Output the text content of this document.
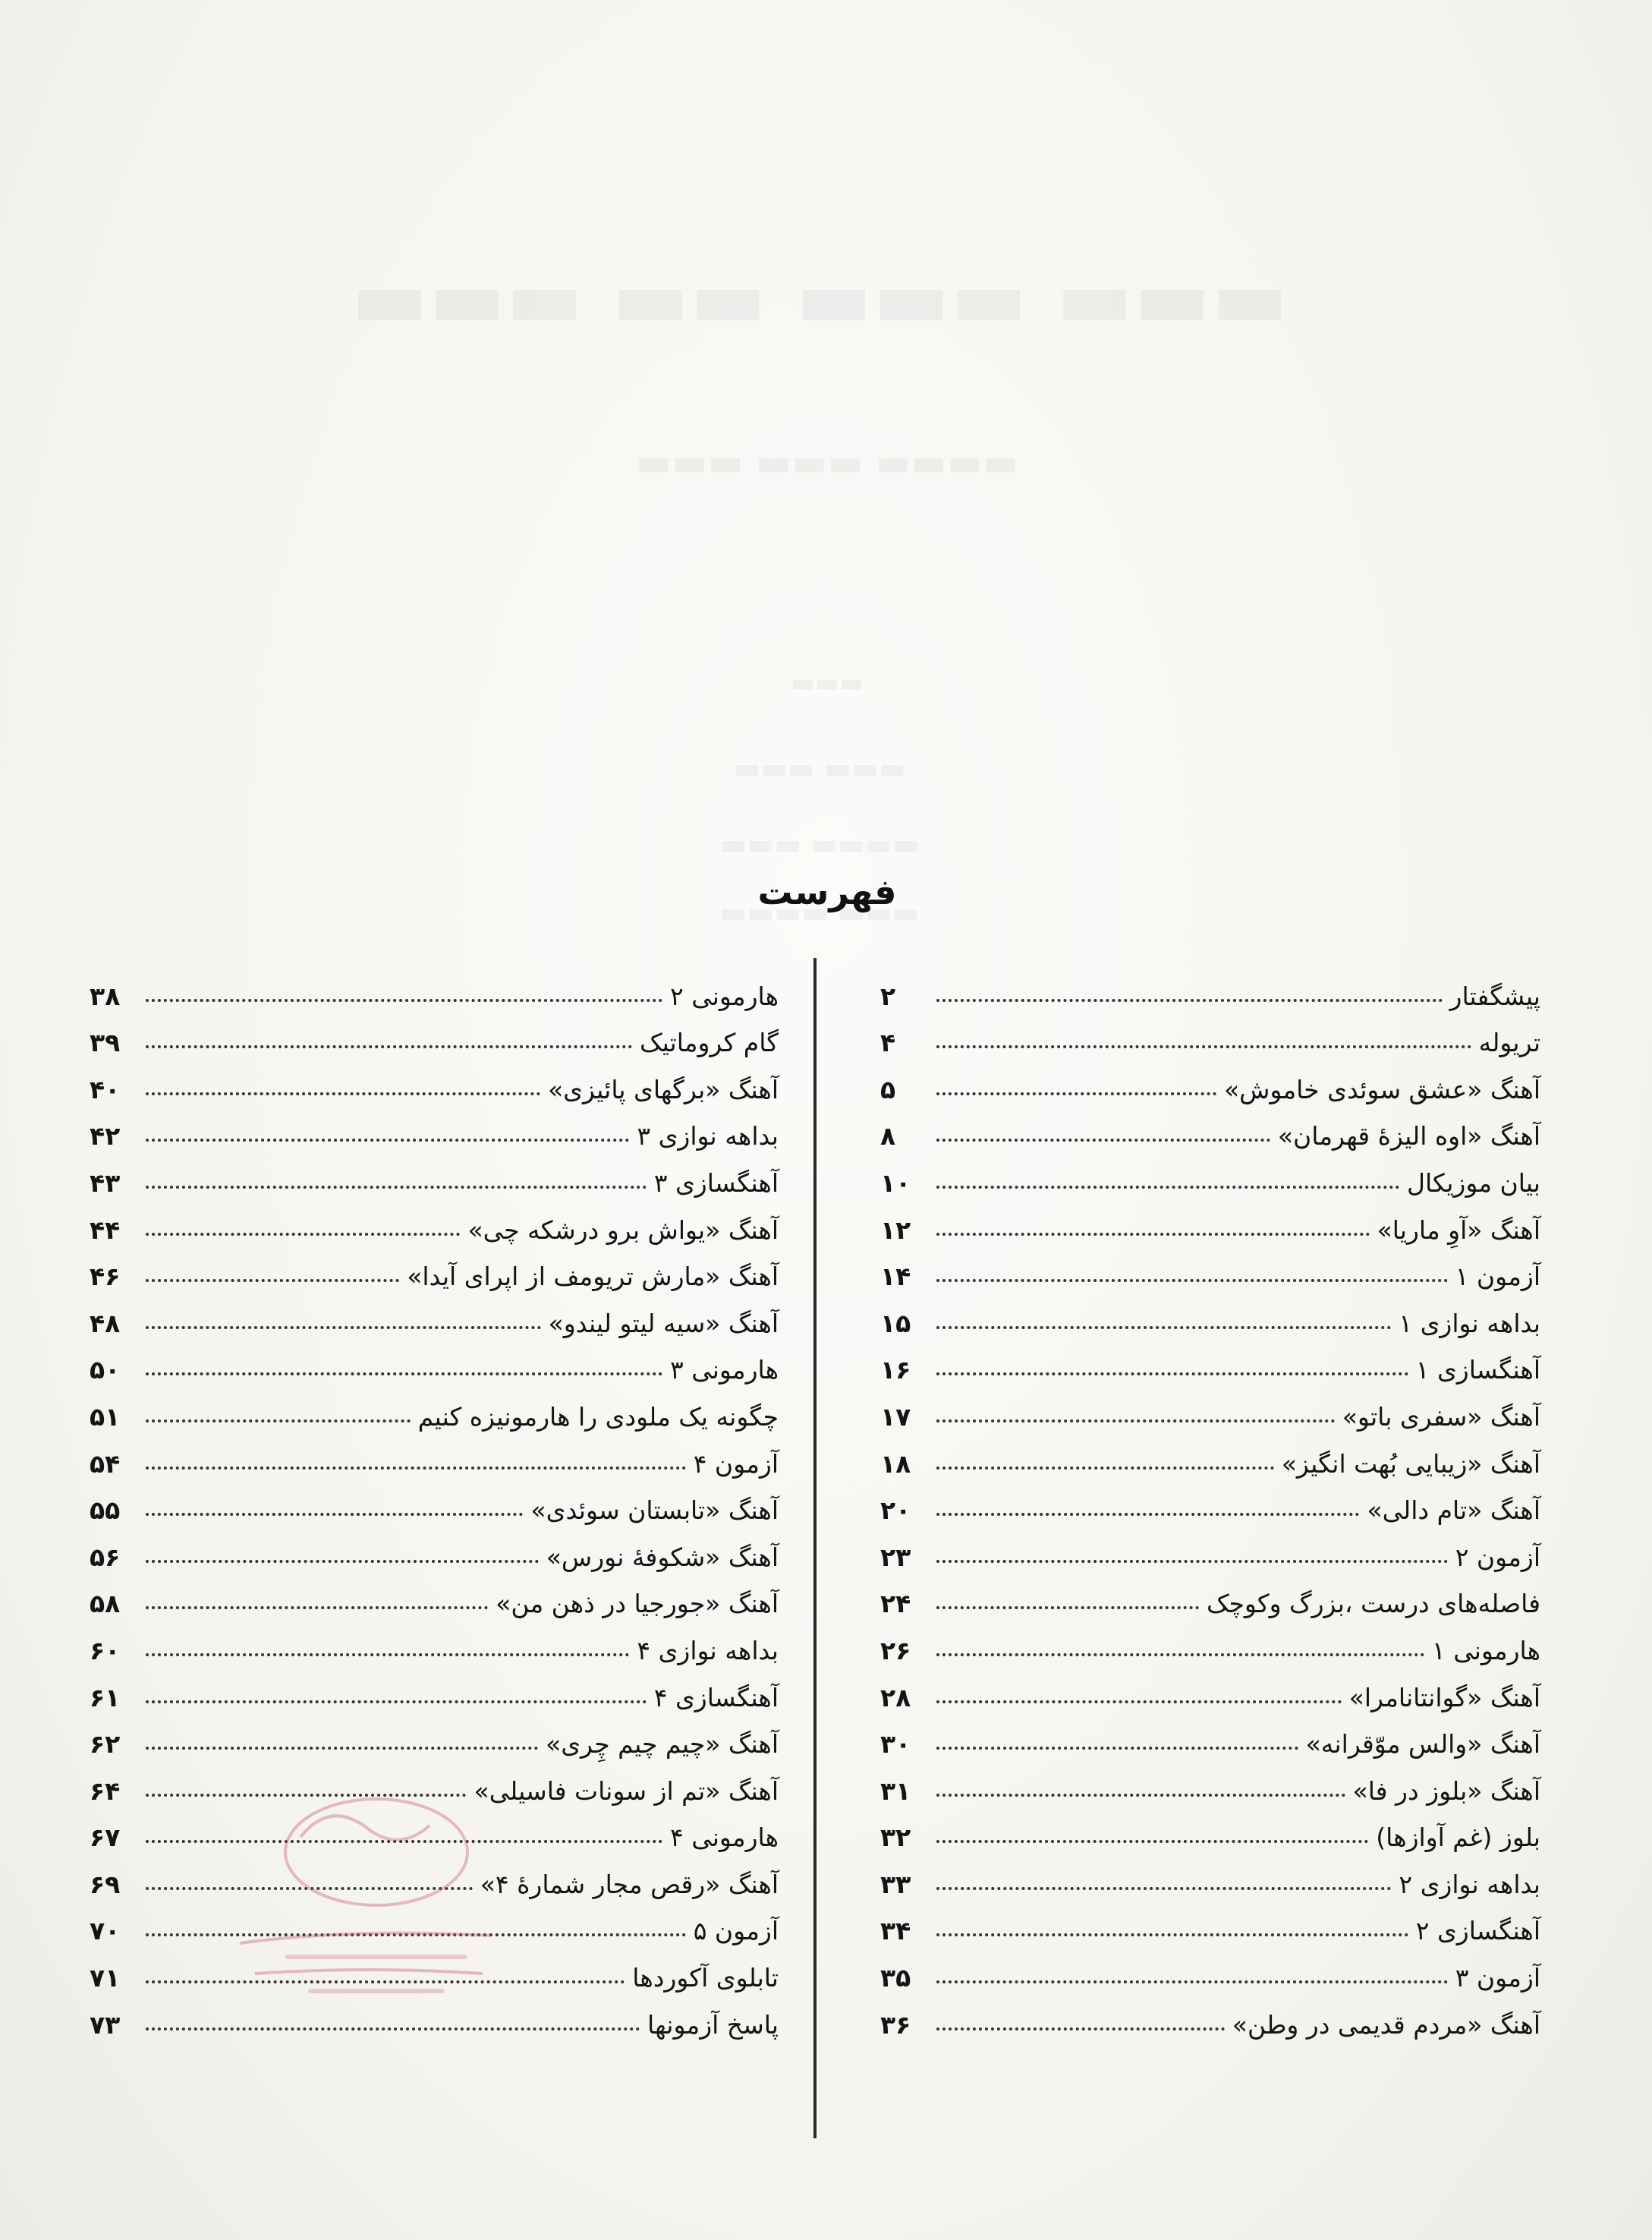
فهرست
پیشگفتار
۲
تریوله
۴
آهنگ «عشق سوئدی خاموش»
۵
آهنگ «اوه الیزهٔ قهرمان»
۸
بیان موزیکال
۱۰
آهنگ «آوِ ماریا»
۱۲
آزمون ۱
۱۴
بداهه نوازی ۱
۱۵
آهنگسازی ۱
۱۶
آهنگ «سفری باتو»
۱۷
آهنگ «زیبایی بُهت انگیز»
۱۸
آهنگ «تام دالی»
۲۰
آزمون ۲
۲۳
فاصله‌های درست ،بزرگ وکوچک
۲۴
هارمونی ۱
۲۶
آهنگ «گوانتانامرا»
۲۸
آهنگ «والس موّقرانه»
۳۰
آهنگ «بلوز در فا»
۳۱
بلوز (غم آوازها)
۳۲
بداهه نوازی ۲
۳۳
آهنگسازی ۲
۳۴
آزمون ۳
۳۵
آهنگ «مردم قدیمی در وطن»
۳۶
هارمونی ۲
۳۸
گام کروماتیک
۳۹
آهنگ «برگهای پائیزی»
۴۰
بداهه نوازی ۳
۴۲
آهنگسازی ۳
۴۳
آهنگ «یواش برو درشکه چی»
۴۴
آهنگ «مارش تریومف از اپرای آیدا»
۴۶
آهنگ «سیه لیتو لیندو»
۴۸
هارمونی ۳
۵۰
چگونه یک ملودی را هارمونیزه کنیم
۵۱
آزمون ۴
۵۴
آهنگ «تابستان سوئدی»
۵۵
آهنگ «شکوفهٔ نورس»
۵۶
آهنگ «جورجیا در ذهن من»
۵۸
بداهه نوازی ۴
۶۰
آهنگسازی ۴
۶۱
آهنگ «چیم چیم چِری»
۶۲
آهنگ «تم از سونات فاسیلی»
۶۴
هارمونی ۴
۶۷
آهنگ «رقص مجار شمارهٔ ۴»
۶۹
آزمون ۵
۷۰
تابلوی آکوردها
۷۱
پاسخ آزمونها
۷۳
